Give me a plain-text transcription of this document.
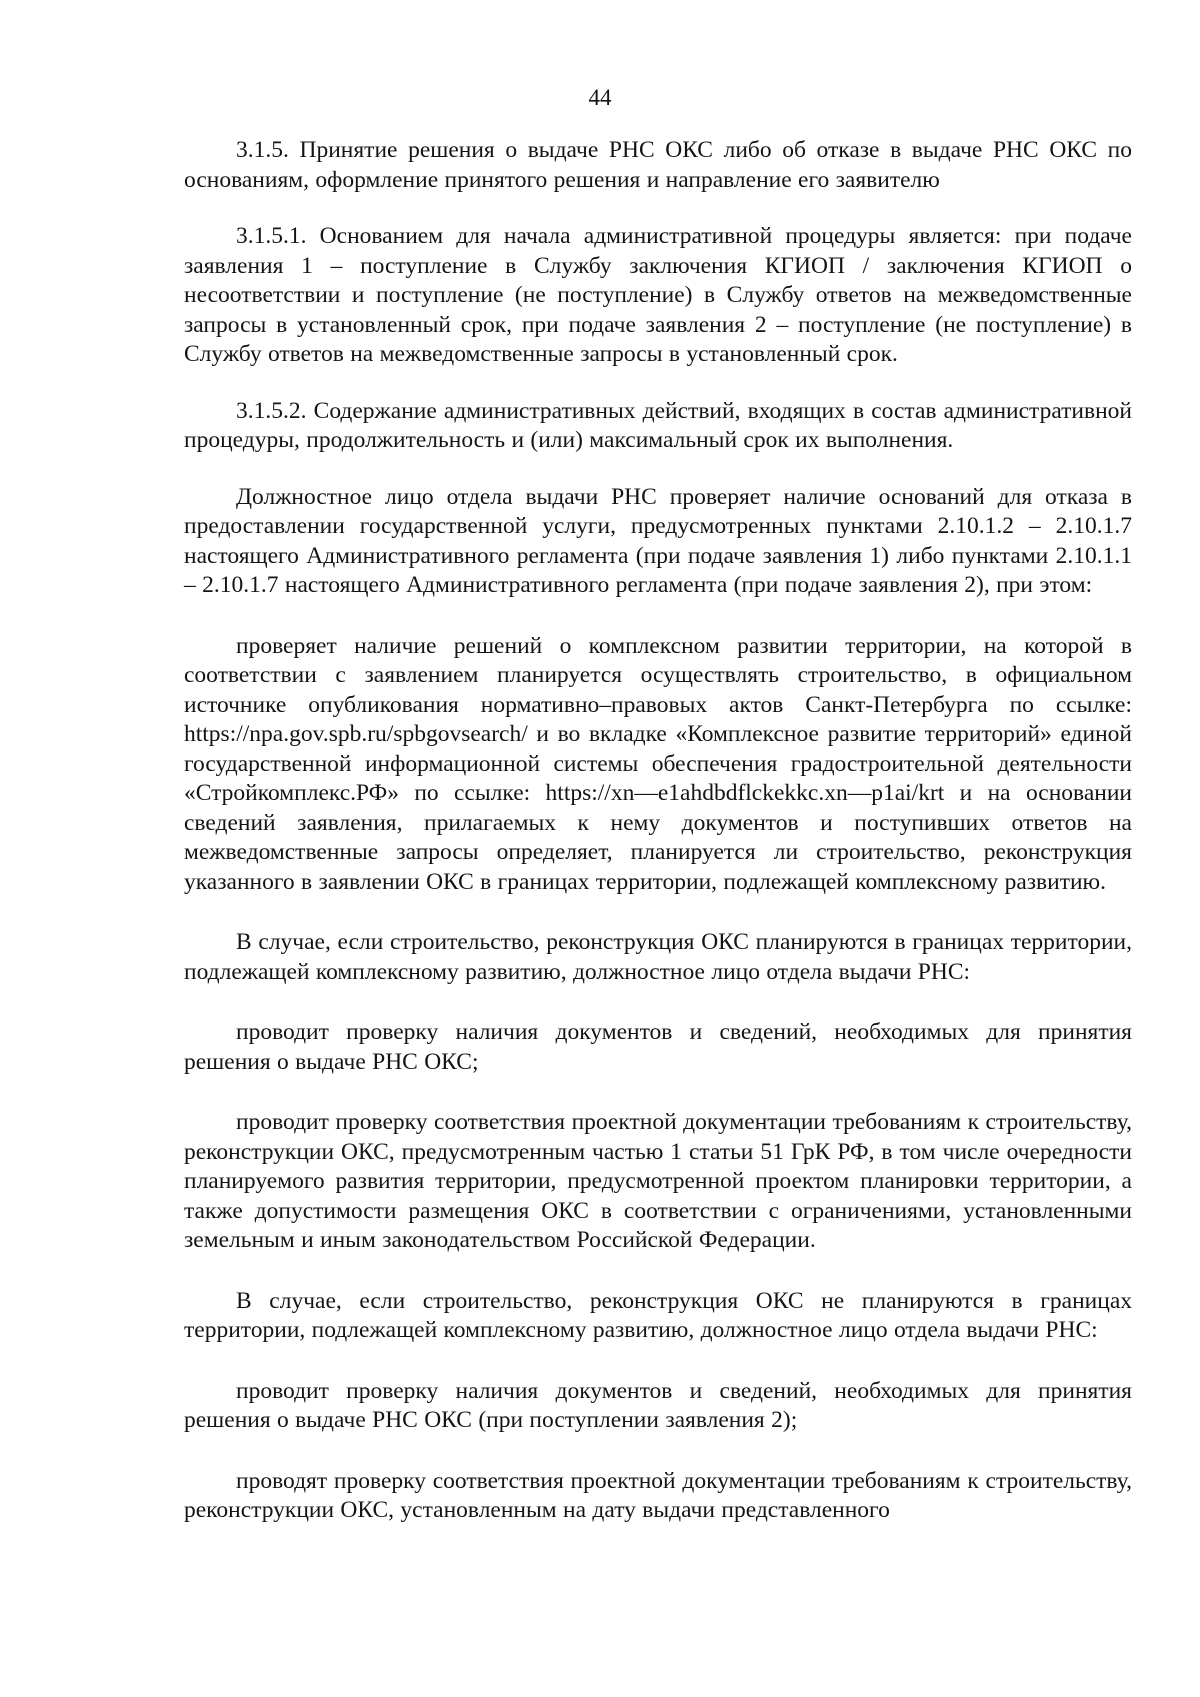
44

3.1.5. Принятие решения о выдаче РНС ОКС либо об отказе в выдаче РНС ОКС по основаниям, оформление принятого решения и направление его заявителю

3.1.5.1. Основанием для начала административной процедуры является: при подаче заявления 1 – поступление в Службу заключения КГИОП / заключения КГИОП о несоответствии и поступление (не поступление) в Службу ответов на межведомственные запросы в установленный срок, при подаче заявления 2 – поступление (не поступление) в Службу ответов на межведомственные запросы в установленный срок.

3.1.5.2. Содержание административных действий, входящих в состав административной процедуры, продолжительность и (или) максимальный срок их выполнения.

Должностное лицо отдела выдачи РНС проверяет наличие оснований для отказа в предоставлении государственной услуги, предусмотренных пунктами 2.10.1.2 – 2.10.1.7 настоящего Административного регламента (при подаче заявления 1) либо пунктами 2.10.1.1 – 2.10.1.7 настоящего Административного регламента (при подаче заявления 2), при этом:

проверяет наличие решений о комплексном развитии территории, на которой в соответствии с заявлением планируется осуществлять строительство, в официальном источнике опубликования нормативно–правовых актов Санкт-Петербурга по ссылке: https://npa.gov.spb.ru/spbgovsearch/ и во вкладке «Комплексное развитие территорий» единой государственной информационной системы обеспечения градостроительной деятельности «Стройкомплекс.РФ» по ссылке: https://xn—e1ahdbdflckekkc.xn—p1ai/krt и на основании сведений заявления, прилагаемых к нему документов и поступивших ответов на межведомственные запросы определяет, планируется ли строительство, реконструкция указанного в заявлении ОКС в границах территории, подлежащей комплексному развитию.

В случае, если строительство, реконструкция ОКС планируются в границах территории, подлежащей комплексному развитию, должностное лицо отдела выдачи РНС:

проводит проверку наличия документов и сведений, необходимых для принятия решения о выдаче РНС ОКС;

проводит проверку соответствия проектной документации требованиям к строительству, реконструкции ОКС, предусмотренным частью 1 статьи 51 ГрК РФ, в том числе очередности планируемого развития территории, предусмотренной проектом планировки территории, а также допустимости размещения ОКС в соответствии с ограничениями, установленными земельным и иным законодательством Российской Федерации.

В случае, если строительство, реконструкция ОКС не планируются в границах территории, подлежащей комплексному развитию, должностное лицо отдела выдачи РНС:

проводит проверку наличия документов и сведений, необходимых для принятия решения о выдаче РНС ОКС (при поступлении заявления 2);

проводят проверку соответствия проектной документации требованиям к строительству, реконструкции ОКС, установленным на дату выдачи представленного
